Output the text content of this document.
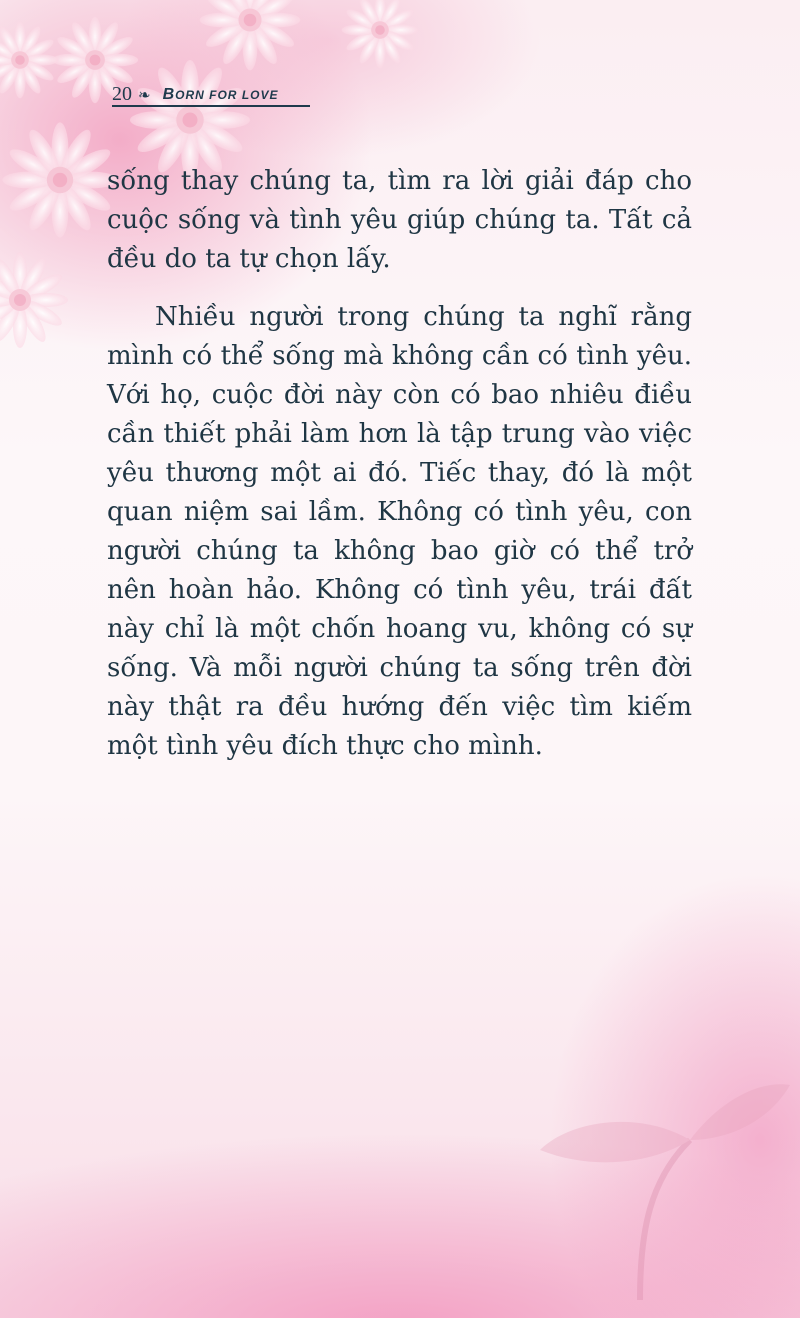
20 ❧ BORN FOR LOVE

sống thay chúng ta, tìm ra lời giải đáp cho cuộc sống và tình yêu giúp chúng ta. Tất cả đều do ta tự chọn lấy.

Nhiều người trong chúng ta nghĩ rằng mình có thể sống mà không cần có tình yêu. Với họ, cuộc đời này còn có bao nhiêu điều cần thiết phải làm hơn là tập trung vào việc yêu thương một ai đó. Tiếc thay, đó là một quan niệm sai lầm. Không có tình yêu, con người chúng ta không bao giờ có thể trở nên hoàn hảo. Không có tình yêu, trái đất này chỉ là một chốn hoang vu, không có sự sống. Và mỗi người chúng ta sống trên đời này thật ra đều hướng đến việc tìm kiếm một tình yêu đích thực cho mình.
